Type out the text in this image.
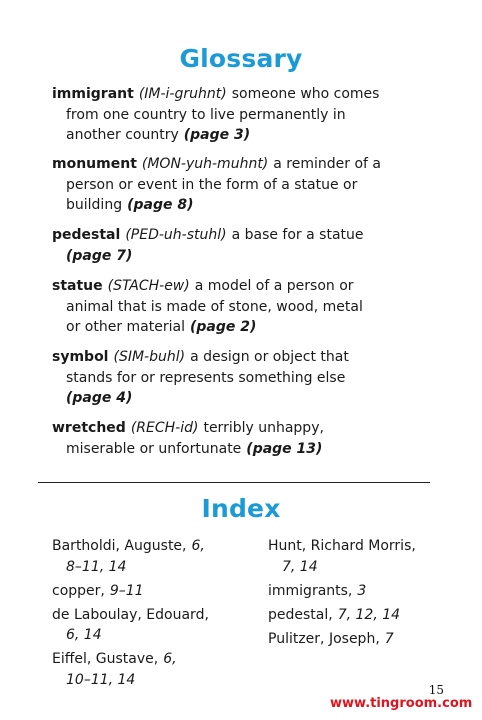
Glossary
immigrant (IM-i-gruhnt) someone who comes
from one country to live permanently in
another country (page 3)
monument (MON-yuh-muhnt) a reminder of a
person or event in the form of a statue or
building (page 8)
pedestal (PED-uh-stuhl) a base for a statue
(page 7)
statue (STACH-ew) a model of a person or
animal that is made of stone, wood, metal
or other material (page 2)
symbol (SIM-buhl) a design or object that
stands for or represents something else
(page 4)
wretched (RECH-id) terribly unhappy,
miserable or unfortunate (page 13)
Index
Bartholdi, Auguste, 6,
8–11, 14
copper, 9–11
de Laboulay, Edouard,
6, 14
Eiffel, Gustave, 6,
10–11, 14
Hunt, Richard Morris,
7, 14
immigrants, 3
pedestal, 7, 12, 14
Pulitzer, Joseph, 7
15
www.tingroom.com
